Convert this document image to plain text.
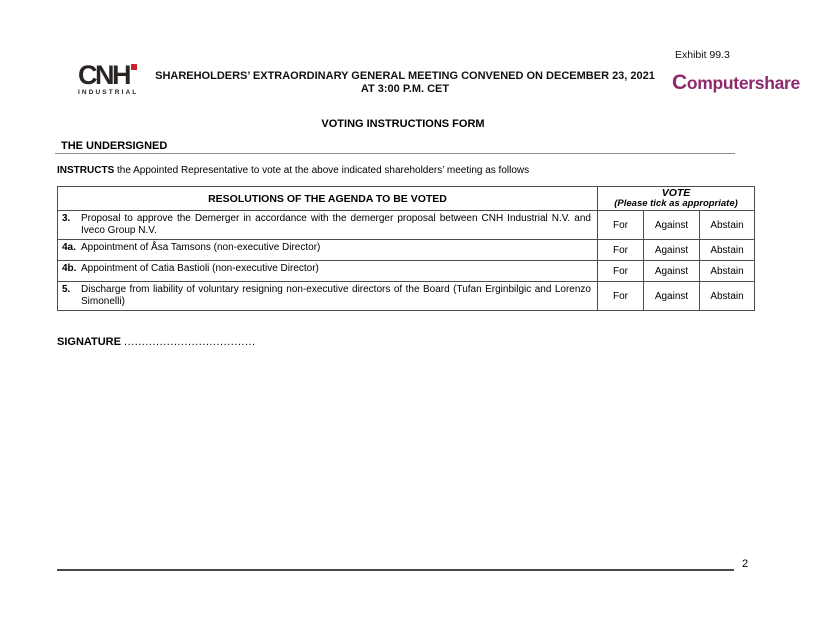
Exhibit 99.3
CNH
INDUSTRIAL
SHAREHOLDERS’ EXTRAORDINARY GENERAL MEETING CONVENED ON DECEMBER 23, 2021
AT 3:00 P.M. CET	Computershare
VOTING INSTRUCTIONS FORM
THE UNDERSIGNED
INSTRUCTS the Appointed Representative to vote at the above indicated shareholders’ meeting as follows
RESOLUTIONS OF THE AGENDA TO BE VOTED	VOTE
(Please tick as appropriate)		

3. Proposal to approve the Demerger in accordance with the demerger proposal between CNH Industrial N.V. and Iveco Group N.V.	For	Against	Abstain

4a. Appointment of Åsa Tamsons (non-executive Director)	For	Against	Abstain

4b. Appointment of Catia Bastioli (non-executive Director)	For	Against	Abstain

5. Discharge from liability of voluntary resigning non-executive directors of the Board (Tufan Erginbilgic and Lorenzo Simonelli)	For	Against	Abstain
SIGNATURE .....................................
2
